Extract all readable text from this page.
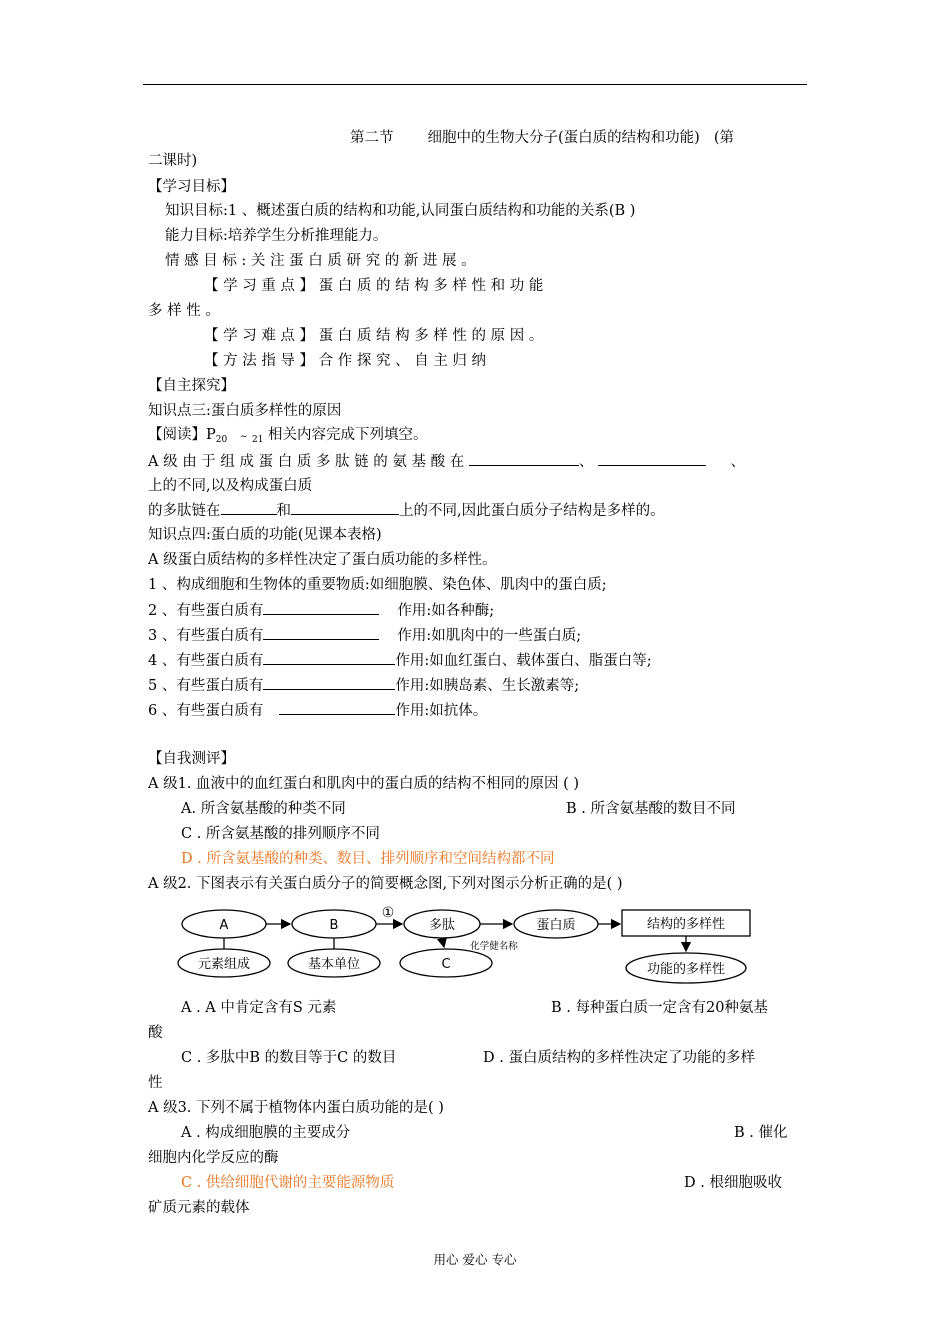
第二节 细胞中的生物大分子(蛋白质的结构和功能) (第
二课时)
【学习目标】
知识目标:1 、概述蛋白质的结构和功能,认同蛋白质结构和功能的关系(B )
能力目标:培养学生分析推理能力。
情 感 目 标 : 关 注 蛋 白 质 研 究 的 新 进 展 。
【 学 习 重 点 】 蛋 白 质 的 结 构 多 样 性 和 功 能
多 样 性 。
【 学 习 难 点 】 蛋 白 质 结 构 多 样 性 的 原 因 。
【 方 法 指 导 】 合 作 探 究 、 自 主 归 纳
【自主探究】
知识点三:蛋白质多样性的原因
【阅读】$P_{20}$ ~ $_{21}$ 相关内容完成下列填空。
A 级 由 于 组 成 蛋 白 质 多 肽 链 的 氨 基 酸 在	、	、
上的不同,以及构成蛋白质
的多肽链在	和	上的不同,因此蛋白质分子结构是多样的。
知识点四:蛋白质的功能(见课本表格)
A 级蛋白质结构的多样性决定了蛋白质功能的多样性。
1 、构成细胞和生物体的重要物质:如细胞膜、染色体、肌肉中的蛋白质;
2 、有些蛋白质有	作用:如各种酶;
3 、有些蛋白质有	作用:如肌肉中的一些蛋白质;
4 、有些蛋白质有	作用:如血红蛋白、载体蛋白、脂蛋白等;
5 、有些蛋白质有	作用:如胰岛素、生长激素等;
6 、有些蛋白质有	作用:如抗体。
【自我测评】
A 级1. 血液中的血红蛋白和肌肉中的蛋白质的结构不相同的原因 ( )
A. 所含氨基酸的种类不同	B . 所含氨基酸的数目不同
C . 所含氨基酸的排列顺序不同
D . 所含氨基酸的种类、数目、排列顺序和空间结构都不同
A 级2. 下图表示有关蛋白质分子的简要概念图,下列对图示分析正确的是( )
A	B
①
多肽	蛋白质	结构的多样性
元素组成	基本单位	C
化学健名称
功能的多样性
A . A 中肯定含有S 元素	B . 每种蛋白质一定含有20种氨基
酸
C . 多肽中B 的数目等于C 的数目	D . 蛋白质结构的多样性决定了功能的多样
性
A 级3. 下列不属于植物体内蛋白质功能的是( )
A . 构成细胞膜的主要成分	B . 催化
细胞内化学反应的酶
C . 供给细胞代谢的主要能源物质	D . 根细胞吸收
矿质元素的载体
用心 爱心 专心
